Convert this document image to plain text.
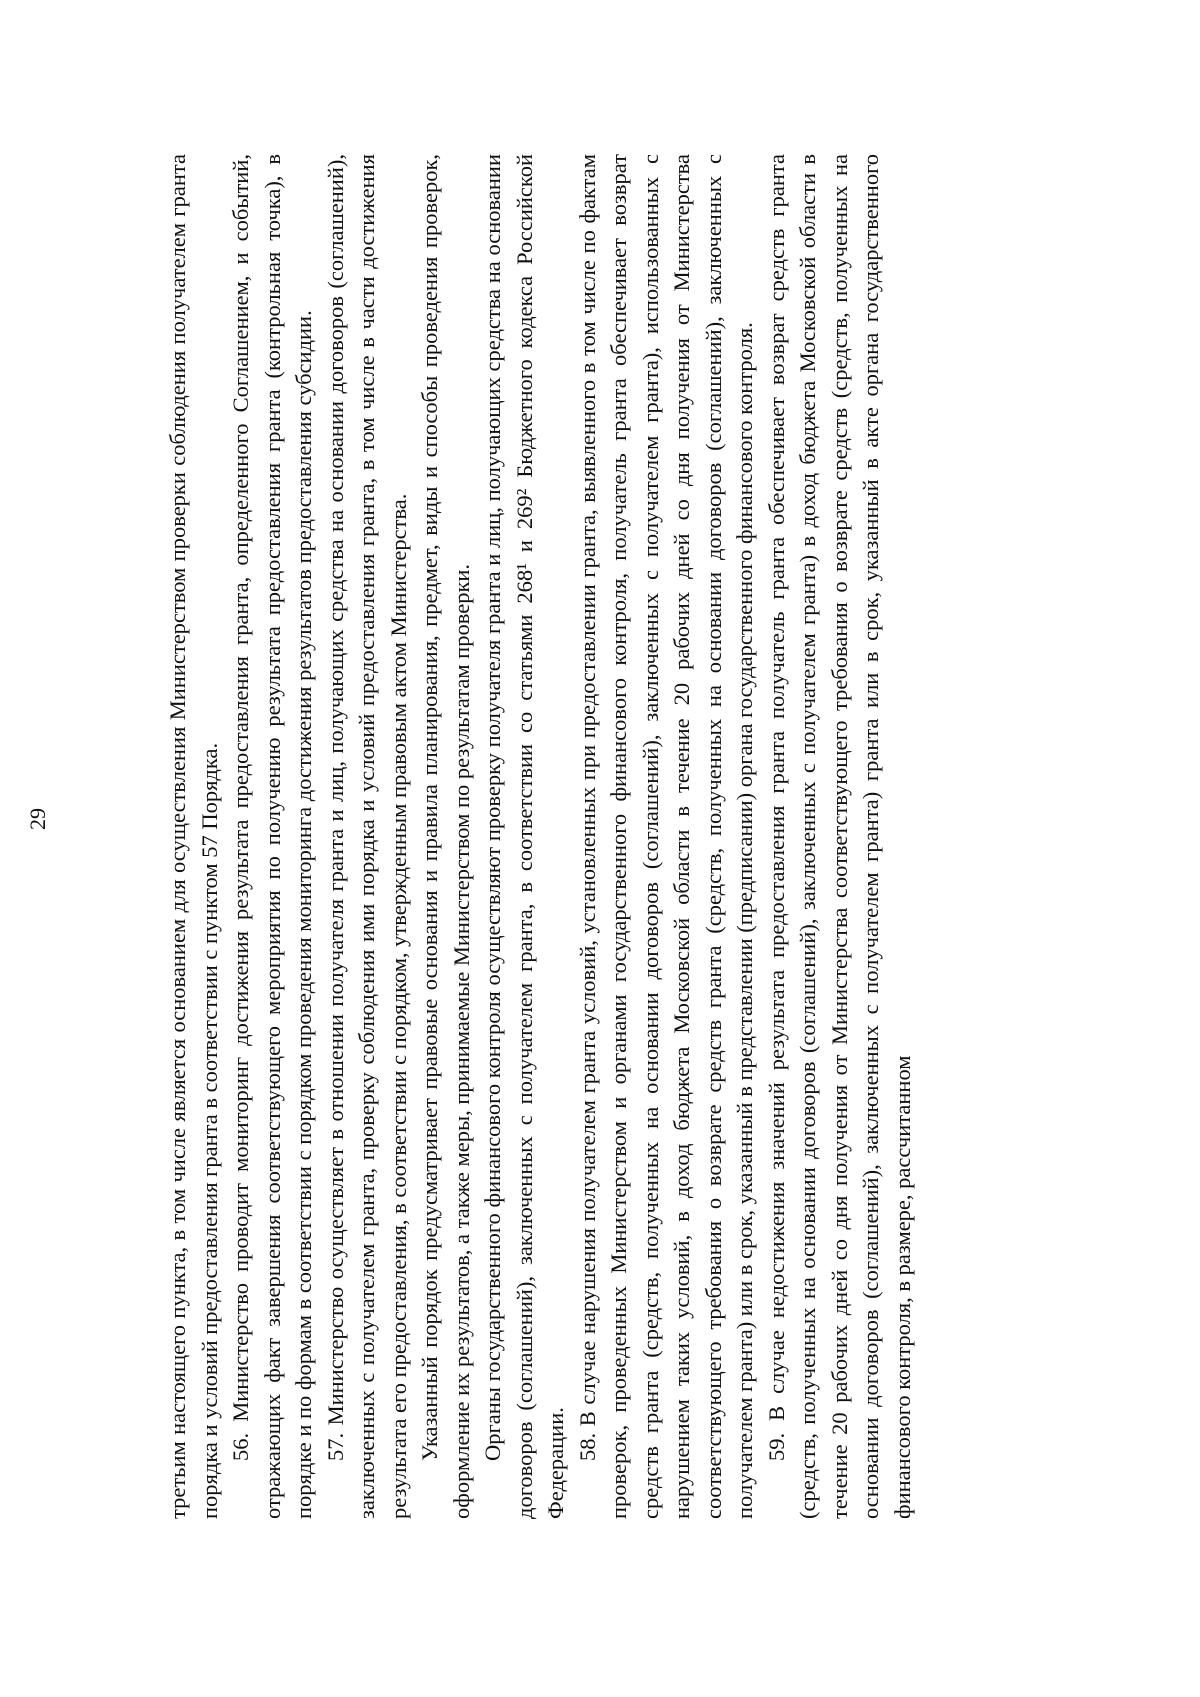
29	третьим настоящего пункта, в том числе является основанием для осуществления Министерством проверки соблюдения получателем гранта порядка и условий предоставления гранта в соответствии с пунктом 57 Порядка. 56. Министерство проводит мониторинг достижения результата предоставления гранта, определенного Соглашением, и событий, отражающих факт завершения соответствующего мероприятия по получению результата предоставления гранта (контрольная точка), в порядке и по формам в соответствии с порядком проведения мониторинга достижения результатов предоставления субсидии. 57. Министерство осуществляет в отношении получателя гранта и лиц, получающих средства на основании договоров (соглашений), заключенных с получателем гранта, проверку соблюдения ими порядка и условий предоставления гранта, в том числе в части достижения результата его предоставления, в соответствии с порядком, утвержденным правовым актом Министерства. Указанный порядок предусматривает правовые основания и правила планирования, предмет, виды и способы проведения проверок, оформление их результатов, а также меры, принимаемые Министерством по результатам проверки. Органы государственного финансового контроля осуществляют проверку получателя гранта и лиц, получающих средства на основании договоров (соглашений), заключенных с получателем гранта, в соответствии со статьями 268¹ и 269² Бюджетного кодекса Российской Федерации.

58. В случае нарушения получателем гранта условий, установленных при предоставлении гранта, выявленного в том числе по фактам проверок, проведенных Министерством и органами государственного финансового контроля, получатель гранта обеспечивает возврат средств гранта (средств, полученных на основании договоров (соглашений), заключенных с получателем гранта), использованных с нарушением таких условий, в доход бюджета Московской области в течение 20 рабочих дней со дня получения от Министерства соответствующего требования о возврате средств гранта (средств, полученных на основании договоров (соглашений), заключенных с получателем гранта) или в срок, указанный в представлении (предписании) органа государственного финансового контроля. 59. В случае недостижения значений результата предоставления гранта получатель гранта обеспечивает возврат средств гранта (средств, полученных на основании договоров (соглашений), заключенных с получателем гранта) в доход бюджета Московской области в течение 20 рабочих дней со дня получения от Министерства соответствующего требования о возврате средств (средств, полученных на основании договоров (соглашений), заключенных с получателем гранта) гранта или в срок, указанный в акте органа государственного финансового контроля, в размере, рассчитанном
